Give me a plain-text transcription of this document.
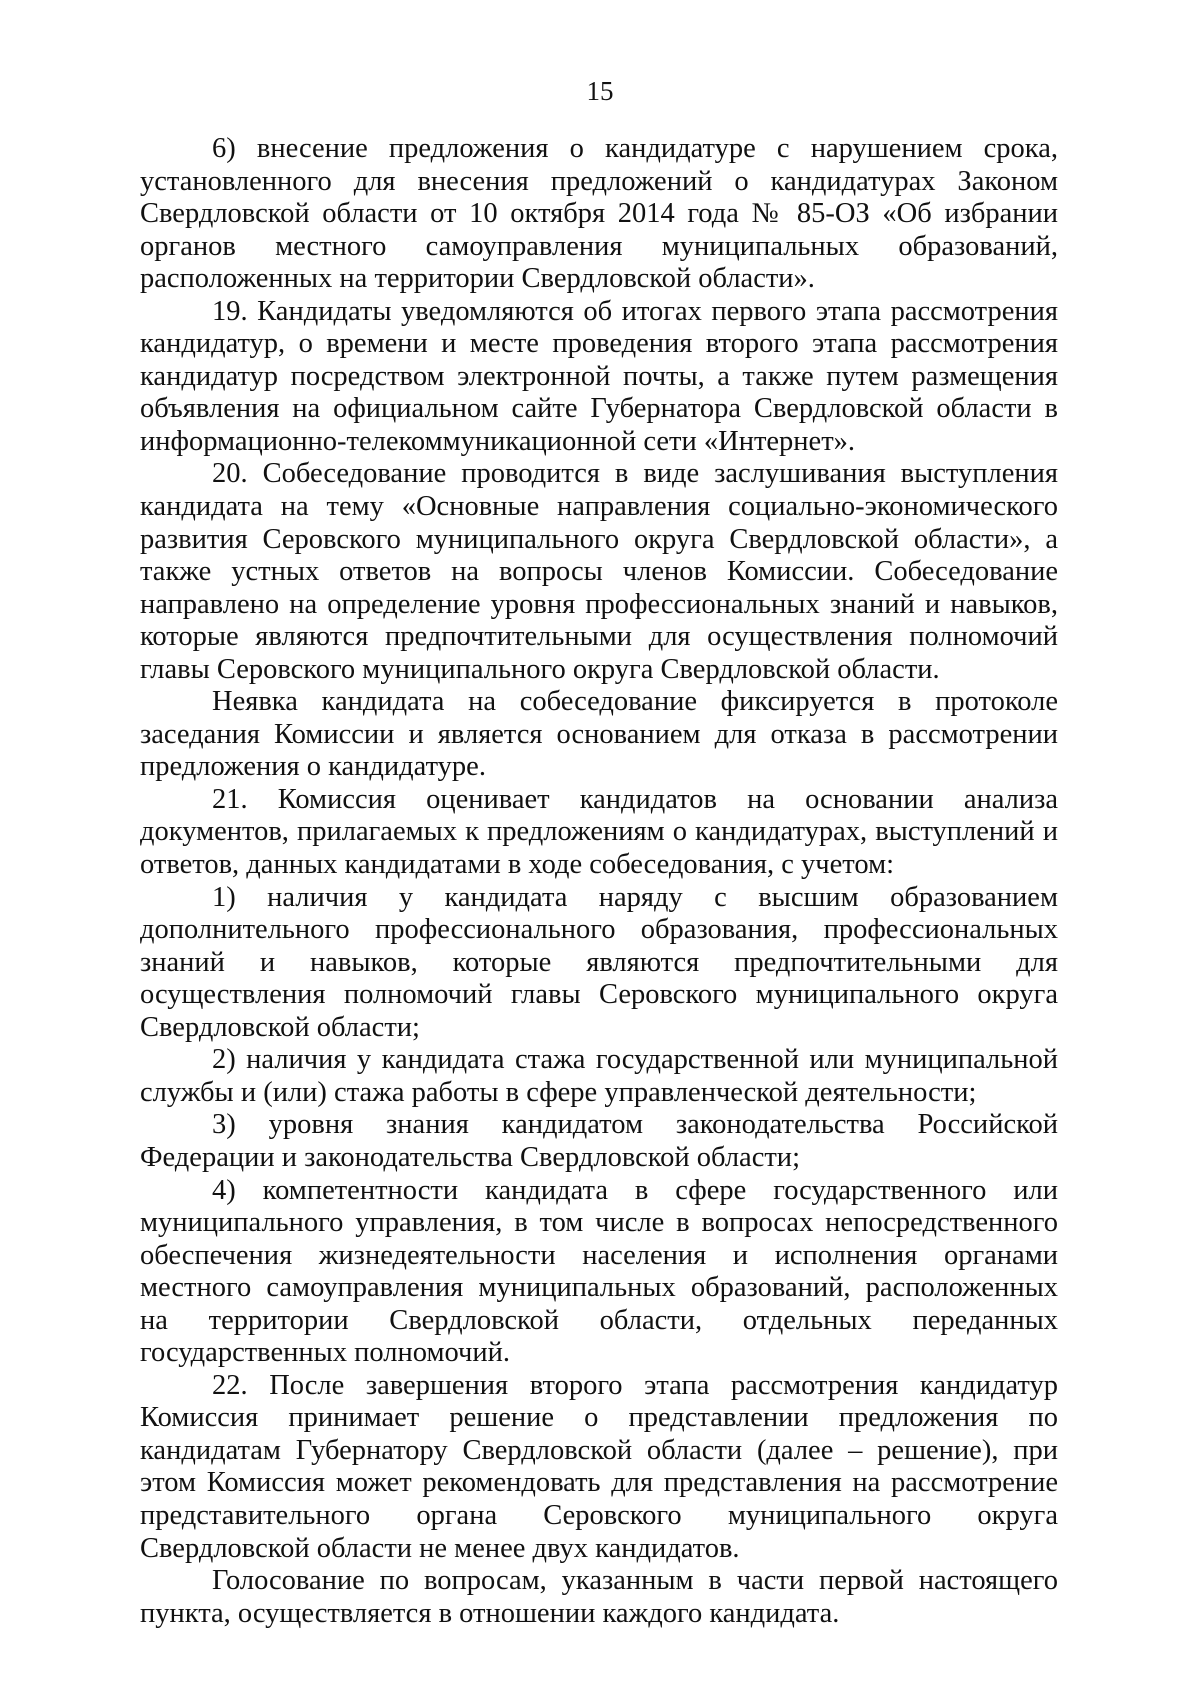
15

6) внесение предложения о кандидатуре с нарушением срока, установленного для внесения предложений о кандидатурах Законом Свердловской области от 10 октября 2014 года № 85-ОЗ «Об избрании органов местного самоуправления муниципальных образований, расположенных на территории Свердловской области».

19. Кандидаты уведомляются об итогах первого этапа рассмотрения кандидатур, о времени и месте проведения второго этапа рассмотрения кандидатур посредством электронной почты, а также путем размещения объявления на официальном сайте Губернатора Свердловской области в информационно-телекоммуникационной сети «Интернет».

20. Собеседование проводится в виде заслушивания выступления кандидата на тему «Основные направления социально-экономического развития Серовского муниципального округа Свердловской области», а также устных ответов на вопросы членов Комиссии. Собеседование направлено на определение уровня профессиональных знаний и навыков, которые являются предпочтительными для осуществления полномочий главы Серовского муниципального округа Свердловской области.

Неявка кандидата на собеседование фиксируется в протоколе заседания Комиссии и является основанием для отказа в рассмотрении предложения о кандидатуре.

21. Комиссия оценивает кандидатов на основании анализа документов, прилагаемых к предложениям о кандидатурах, выступлений и ответов, данных кандидатами в ходе собеседования, с учетом:

1) наличия у кандидата наряду с высшим образованием дополнительного профессионального образования, профессиональных знаний и навыков, которые являются предпочтительными для осуществления полномочий главы Серовского муниципального округа Свердловской области;

2) наличия у кандидата стажа государственной или муниципальной службы и (или) стажа работы в сфере управленческой деятельности;

3) уровня знания кандидатом законодательства Российской Федерации и законодательства Свердловской области;

4) компетентности кандидата в сфере государственного или муниципального управления, в том числе в вопросах непосредственного обеспечения жизнедеятельности населения и исполнения органами местного самоуправления муниципальных образований, расположенных на территории Свердловской области, отдельных переданных государственных полномочий.

22. После завершения второго этапа рассмотрения кандидатур Комиссия принимает решение о представлении предложения по кандидатам Губернатору Свердловской области (далее – решение), при этом Комиссия может рекомендовать для представления на рассмотрение представительного органа Серовского муниципального округа Свердловской области не менее двух кандидатов.

Голосование по вопросам, указанным в части первой настоящего пункта, осуществляется в отношении каждого кандидата.
